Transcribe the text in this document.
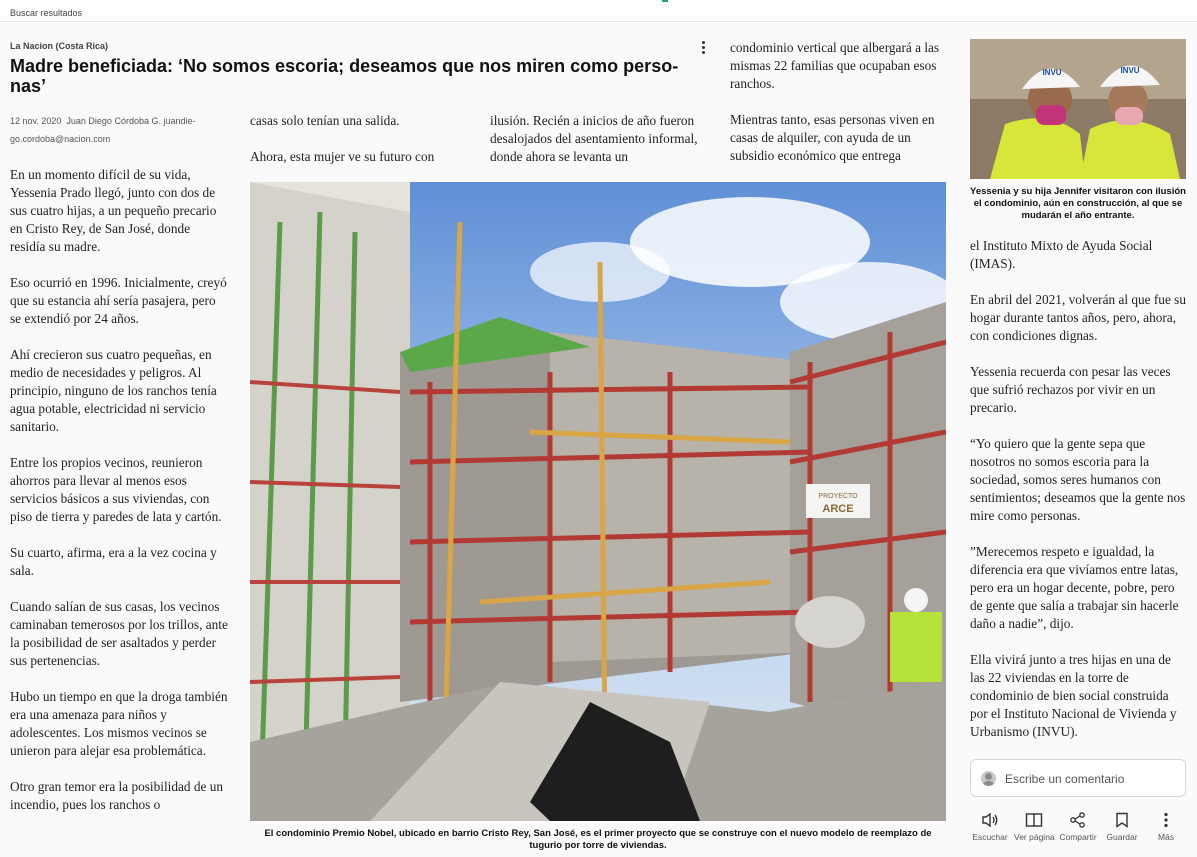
Buscar resultados
La Nacion (Costa Rica)
Madre beneficiada: ‘No somos escoria; deseamos que nos miren como personas’
12 nov. 2020 Juan Diego Córdoba G. juandiego.cordoba@nacion.com

En un momento difícil de su vida, Yessenia Prado llegó, junto con dos de sus cuatro hijas, a un pequeño precario en Cristo Rey, de San José, donde residía su madre.

Eso ocurrió en 1996. Inicialmente, creyó que su estancia ahí sería pasajera, pero se extendió por 24 años.

Ahí crecieron sus cuatro pequeñas, en medio de necesidades y peligros. Al principio, ninguno de los ranchos tenía agua potable, electricidad ni servicio sanitario.

Entre los propios vecinos, reunieron ahorros para llevar al menos esos servicios básicos a sus viviendas, con piso de tierra y paredes de lata y cartón.

Su cuarto, afirma, era a la vez cocina y sala.

Cuando salían de sus casas, los vecinos caminaban temerosos por los trillos, ante la posibilidad de ser asaltados y perder sus pertenencias.

Hubo un tiempo en que la droga también era una amenaza para niños y adolescentes. Los mismos vecinos se unieron para alejar esa problemática.

Otro gran temor era la posibilidad de un incendio, pues los ranchos o

casas solo tenían una salida.

Ahora, esta mujer ve su futuro con

ilusión. Recién a inicios de año fueron desalojados del asentamiento informal, donde ahora se levanta un

condominio vertical que albergará a las mismas 22 familias que ocupaban esos ranchos.

Mientras tanto, esas personas viven en casas de alquiler, con ayuda de un subsidio económico que entrega

PROYECTO
ARCE
El condominio Premio Nobel, ubicado en barrio Cristo Rey, San José, es el primer proyecto que se construye con el nuevo modelo de reemplazo de tugurio por torre de viviendas.
INVU	INVU
Yessenia y su hija Jennifer visitaron con ilusión el condominio, aún en construcción, al que se mudarán el año entrante.

el Instituto Mixto de Ayuda Social (IMAS).

En abril del 2021, volverán al que fue su hogar durante tantos años, pero, ahora, con condiciones dignas.

Yessenia recuerda con pesar las veces que sufrió rechazos por vivir en un precario.

“Yo quiero que la gente sepa que nosotros no somos escoria para la sociedad, somos seres humanos con sentimientos; deseamos que la gente nos mire como personas.

”Merecemos respeto e igualdad, la diferencia era que vivíamos entre latas, pero era un hogar decente, pobre, pero de gente que salía a trabajar sin hacerle daño a nadie”, dijo.

Ella vivirá junto a tres hijas en una de las 22 viviendas en la torre de condominio de bien social construida por el Instituto Nacional de Vivienda y Urbanismo (INVU).

Escribe un comentario
Escuchar Ver página Compartir	Guardar	Más
